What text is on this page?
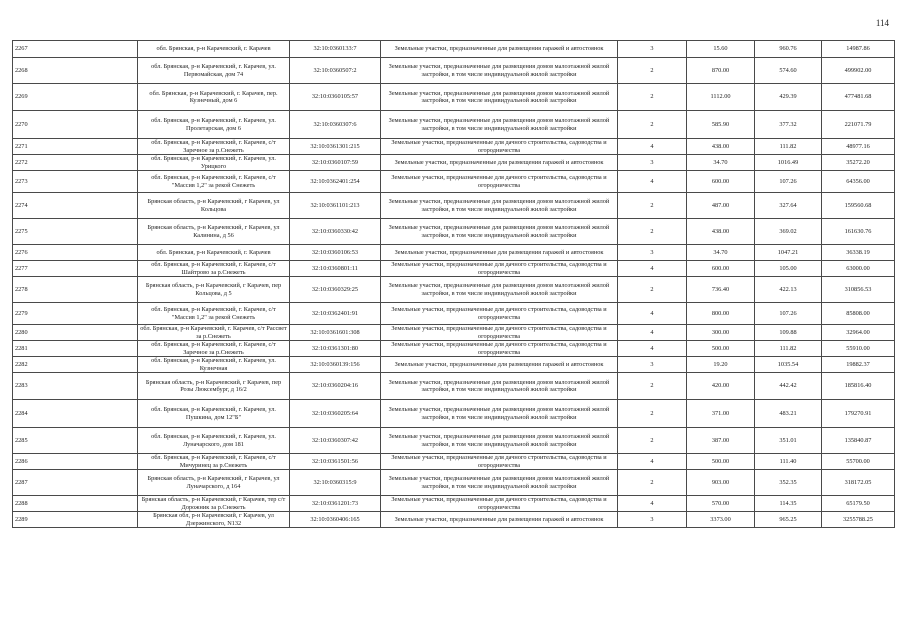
114
2267	обл. Брянская, р-н Карачевский, г. Карачев	32:10:0360133:7	Земельные участки, предназначенные для размещения гаражей и автостоянок	3	15.60	960.76	14987.86
2268	обл. Брянская, р-н Карачевский, г. Карачев, ул. Первомайская, дом 74	32:10:0360507:2	Земельные участки, предназначенные для размещения домов малоэтажной жилой застройки, в том числе индивидуальной жилой застройки	2	870.00	574.60	499902.00
2269	обл. Брянская, р-н Карачевский, г. Карачев, пер. Кузнечный, дом 6	32:10:0360105:57	Земельные участки, предназначенные для размещения домов малоэтажной жилой застройки, в том числе индивидуальной жилой застройки	2	1112.00	429.39	477481.68
2270	обл. Брянская, р-н Карачевский, г. Карачев, ул. Пролетарская, дом 6	32:10:0360307:6	Земельные участки, предназначенные для размещения домов малоэтажной жилой застройки, в том числе индивидуальной жилой застройки	2	585.90	377.32	221071.79
2271	обл. Брянская, р-н Карачевский, г. Карачев, с/т Заречное за р.Снежеть	32:10:0361301:215	Земельные участки, предназначенные для дачного строительства, садоводства и огородничества	4	438.00	111.82	48977.16
2272	обл. Брянская, р-н Карачевский, г. Карачев, ул. Урицкого	32:10:0360107:59	Земельные участки, предназначенные для размещения гаражей и автостоянок	3	34.70	1016.49	35272.20
2273	обл. Брянская, р-н Карачевский, г. Карачев, с/т "Массив 1,2" за рекой Снежеть	32:10:0362401:254	Земельные участки, предназначенные для дачного строительства, садоводства и огородничества	4	600.00	107.26	64356.00
2274	Брянская область, р-н Карачевский, г Карачев, ул Кольцова	32:10:0361101:213	Земельные участки, предназначенные для размещения домов малоэтажной жилой застройки, в том числе индивидуальной жилой застройки	2	487.00	327.64	159560.68
2275	Брянская область, р-н Карачевский, г Карачев, ул Калинина, д 56	32:10:0360330:42	Земельные участки, предназначенные для размещения домов малоэтажной жилой застройки, в том числе индивидуальной жилой застройки	2	438.00	369.02	161630.76
2276	обл. Брянская, р-н Карачевский, г. Карачев	32:10:0360106:53	Земельные участки, предназначенные для размещения гаражей и автостоянок	3	34.70	1047.21	36338.19
2277	обл. Брянская, р-н Карачевский, г. Карачев, с/т Шайтрово за р.Снежеть	32:10:0360801:11	Земельные участки, предназначенные для дачного строительства, садоводства и огородничества	4	600.00	105.00	63000.00
2278	Брянская область, р-н Карачевский, г Карачев, пер Кольцова, д 5	32:10:0360329:25	Земельные участки, предназначенные для размещения домов малоэтажной жилой застройки, в том числе индивидуальной жилой застройки	2	736.40	422.13	310856.53
2279	обл. Брянская, р-н Карачевский, г. Карачев, с/т "Массив 1,2" за рекой Снежеть	32:10:0362401:91	Земельные участки, предназначенные для дачного строительства, садоводства и огородничества	4	800.00	107.26	85808.00
2280	обл. Брянская, р-н Карачевский, г. Карачев, с/т Рассвет за р.Снежеть	32:10:0361601:308	Земельные участки, предназначенные для дачного строительства, садоводства и огородничества	4	300.00	109.88	32964.00
2281	обл. Брянская, р-н Карачевский, г. Карачев, с/т Заречное за р.Снежеть	32:10:0361301:80	Земельные участки, предназначенные для дачного строительства, садоводства и огородничества	4	500.00	111.82	55910.00
2282	обл. Брянская, р-н Карачевский, г. Карачев, ул. Кузнечная	32:10:0360139:156	Земельные участки, предназначенные для размещения гаражей и автостоянок	3	19.20	1035.54	19882.37
2283	Брянская область, р-н Карачевский, г Карачев, пер Розы Люксембург, д 16/2	32:10:0360204:16	Земельные участки, предназначенные для размещения домов малоэтажной жилой застройки, в том числе индивидуальной жилой застройки	2	420.00	442.42	185816.40
2284	обл. Брянская, р-н Карачевский, г. Карачев, ул. Пушкина, дом 12"Б"	32:10:0360205:64	Земельные участки, предназначенные для размещения домов малоэтажной жилой застройки, в том числе индивидуальной жилой застройки	2	371.00	483.21	179270.91
2285	обл. Брянская, р-н Карачевский, г. Карачев, ул. Луначарского, дом 181	32:10:0360307:42	Земельные участки, предназначенные для размещения домов малоэтажной жилой застройки, в том числе индивидуальной жилой застройки	2	387.00	351.01	135840.87
2286	обл. Брянская, р-н Карачевский, г. Карачев, с/т Мичуринец за р.Снежеть	32:10:0361501:56	Земельные участки, предназначенные для дачного строительства, садоводства и огородничества	4	500.00	111.40	55700.00
2287	Брянская область, р-н Карачевский, г Карачев, ул Луначарского, д 164	32:10:0360315:9	Земельные участки, предназначенные для размещения домов малоэтажной жилой застройки, в том числе индивидуальной жилой застройки	2	903.00	352.35	318172.05
2288	Брянская область, р-н Карачевский, г Карачев, тер с/т Дорожник за р.Снежеть	32:10:0361201:73	Земельные участки, предназначенные для дачного строительства, садоводства и огородничества	4	570.00	114.35	65179.50
2289	Брянская обл, р-н Карачевский, г Карачев, ул Дзержинского, N132	32:10:0360406:165	Земельные участки, предназначенные для размещения гаражей и автостоянок	3	3373.00	965.25	3255788.25
